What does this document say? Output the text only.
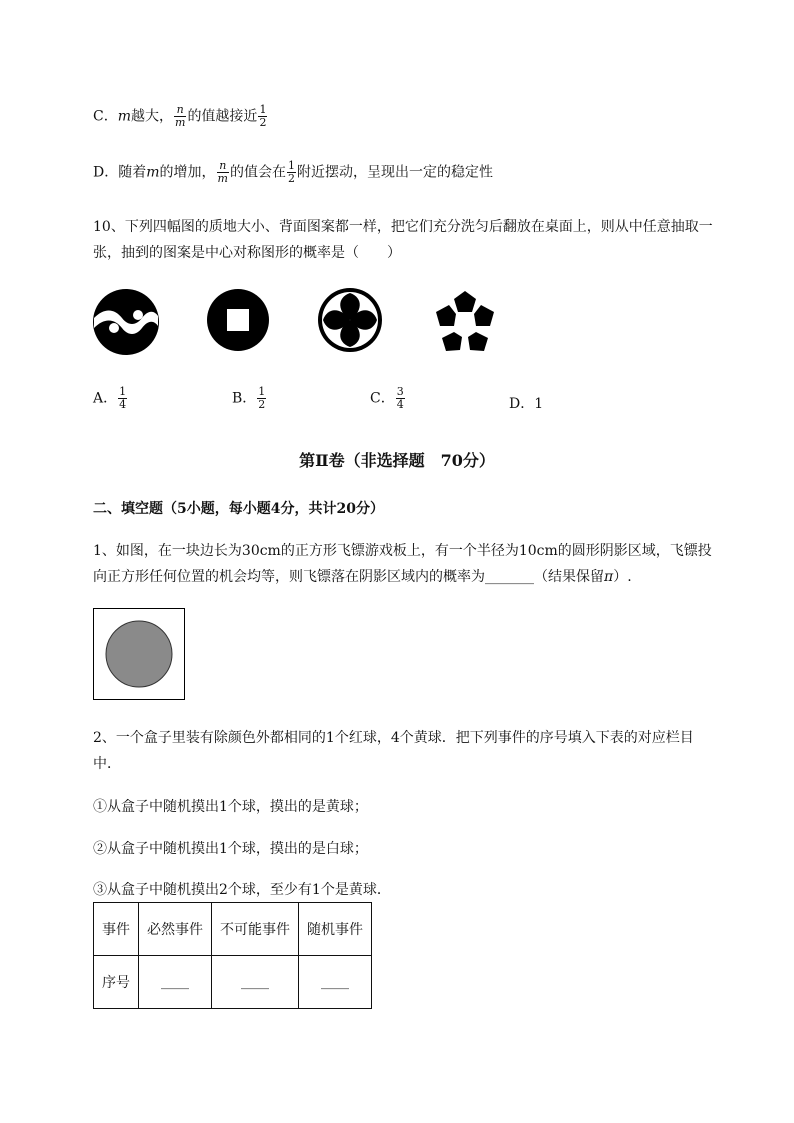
C．m越大， $\frac{n}{m}$ 的值越接近 $\frac{1}{2}$
D．随着m的增加， $\frac{n}{m}$ 的值会在 $\frac{1}{2}$ 附近摆动，呈现出一定的稳定性
10、下列四幅图的质地大小、背面图案都一样，把它们充分洗匀后翻放在桌面上，则从中任意抽取一
张，抽到的图案是中心对称图形的概率是（　　）
A． $\frac{1}{4}$	B． $\frac{1}{2}$	C． $\frac{3}{4}$	D．1
第Ⅱ卷（非选择题　70分）
二、填空题（5小题，每小题4分，共计20分）
1、如图，在一块边长为30cm的正方形飞镖游戏板上，有一个半径为10cm的圆形阴影区域，飞镖投
向正方形任何位置的机会均等，则飞镖落在阴影区域内的概率为_______（结果保留π）.
2、一个盒子里装有除颜色外都相同的1个红球，4个黄球．把下列事件的序号填入下表的对应栏目
中．
①从盒子中随机摸出1个球，摸出的是黄球；
②从盒子中随机摸出1个球，摸出的是白球；
③从盒子中随机摸出2个球，至少有1个是黄球．
事件	必然事件	不可能事件	随机事件
序号	____	____	____
